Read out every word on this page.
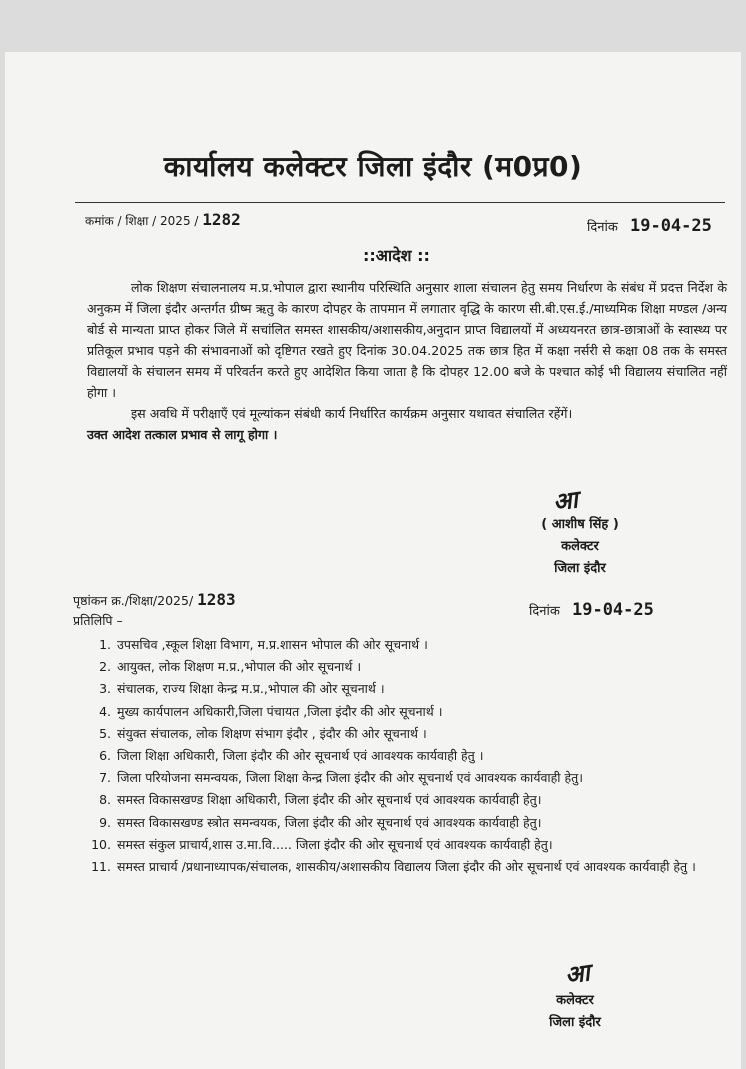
कार्यालय कलेक्टर जिला इंदौर (म0प्र0)
कमांक / शिक्षा / 2025 / 1282	दिनांक 19-04-25
::आदेश ::

लोक शिक्षण संचालनालय म.प्र.भोपाल द्वारा स्थानीय परिस्थिति अनुसार शाला संचालन हेतु समय निर्धारण के संबंध में प्रदत्त निर्देश के अनुकम में जिला इंदौर अन्तर्गत ग्रीष्म ऋतु के कारण दोपहर के तापमान में लगातार वृद्धि के कारण सी.बी.एस.ई./माध्यमिक शिक्षा मण्डल /अन्य बोर्ड से मान्यता प्राप्त होकर जिले में सचांलित समस्त शासकीय/अशासकीय,अनुदान प्राप्त विद्यालयों में अध्ययनरत छात्र-छात्राओं के स्वास्थ्य पर प्रतिकूल प्रभाव पड़ने की संभावनाओं को दृष्टिगत रखते हुए दिनांक 30.04.2025 तक छात्र हित में कक्षा नर्सरी से कक्षा 08 तक के समस्त विद्यालयों के संचालन समय में परिवर्तन करते हुए आदेशित किया जाता है कि दोपहर 12.00 बजे के पश्चात कोई भी विद्यालय संचालित नहीं होगा ।

इस अवधि में परीक्षाएँ एवं मूल्यांकन संबंधी कार्य निर्धारित कार्यक्रम अनुसार यथावत संचालित रहेंगें।

उक्त आदेश तत्काल प्रभाव से लागू होगा ।

आ
( आशीष सिंह )
कलेक्टर
जिला इंदौर
पृष्ठांकन क्र./शिक्षा/2025/ 1283
दिनांक 19-04-25
प्रतिलिपि –
1. उपसचिव ,स्कूल शिक्षा विभाग, म.प्र.शासन भोपाल की ओर सूचनार्थ ।
2. आयुक्त, लोक शिक्षण म.प्र.,भोपाल की ओर सूचनार्थ ।
3. संचालक, राज्य शिक्षा केन्द्र म.प्र.,भोपाल की ओर सूचनार्थ ।
4. मुख्य कार्यपालन अधिकारी,जिला पंचायत ,जिला इंदौर की ओर सूचनार्थ ।
5. संयुक्त संचालक, लोक शिक्षण संभाग इंदौर , इंदौर की ओर सूचनार्थ ।
6. जिला शिक्षा अधिकारी, जिला इंदौर की ओर सूचनार्थ एवं आवश्यक कार्यवाही हेतु ।
7. जिला परियोजना समन्वयक, जिला शिक्षा केन्द्र जिला इंदौर की ओर सूचनार्थ एवं आवश्यक कार्यवाही हेतु।
8. समस्त विकासखण्ड शिक्षा अधिकारी, जिला इंदौर की ओर सूचनार्थ एवं आवश्यक कार्यवाही हेतु।
9. समस्त विकासखण्ड स्त्रोत समन्वयक, जिला इंदौर की ओर सूचनार्थ एवं आवश्यक कार्यवाही हेतु।
10. समस्त संकुल प्राचार्य,शास उ.मा.वि..... जिला इंदौर की ओर सूचनार्थ एवं आवश्यक कार्यवाही हेतु।
11. समस्त प्राचार्य /प्रधानाध्यापक/संचालक, शासकीय/अशासकीय विद्यालय जिला इंदौर की ओर सूचनार्थ एवं आवश्यक कार्यवाही हेतु ।
आ
कलेक्टर
जिला इंदौर
